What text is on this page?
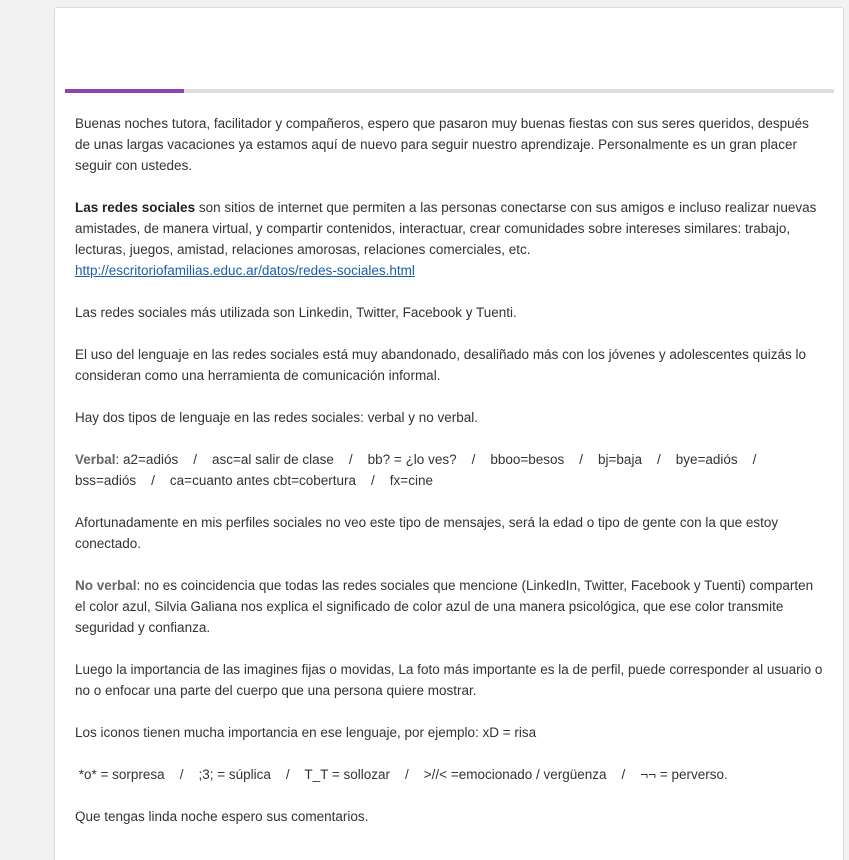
Buenas noches tutora, facilitador y compañeros, espero que pasaron muy buenas fiestas con sus seres queridos, después de unas largas vacaciones ya estamos aquí de nuevo para seguir nuestro aprendizaje. Personalmente es un gran placer seguir con ustedes.

Las redes sociales son sitios de internet que permiten a las personas conectarse con sus amigos e incluso realizar nuevas amistades, de manera virtual, y compartir contenidos, interactuar, crear comunidades sobre intereses similares: trabajo, lecturas, juegos, amistad, relaciones amorosas, relaciones comerciales, etc.
http://escritoriofamilias.educ.ar/datos/redes-sociales.html

Las redes sociales más utilizada son Linkedin, Twitter, Facebook y Tuenti.

El uso del lenguaje en las redes sociales está muy abandonado, desaliñado más con los jóvenes y adolescentes quizás lo consideran como una herramienta de comunicación informal.

Hay dos tipos de lenguaje en las redes sociales: verbal y no verbal.

Verbal: a2=adiós    /    asc=al salir de clase    /    bb? = ¿lo ves?    /    bboo=besos    /    bj=baja    /    bye=adiós    /    bss=adiós    /    ca=cuanto antes cbt=cobertura    /    fx=cine

Afortunadamente en mis perfiles sociales no veo este tipo de mensajes, será la edad o tipo de gente con la que estoy conectado.

No verbal: no es coincidencia que todas las redes sociales que mencione (LinkedIn, Twitter, Facebook y Tuenti) comparten el color azul, Silvia Galiana nos explica el significado de color azul de una manera psicológica, que ese color transmite seguridad y confianza.

Luego la importancia de las imagines fijas o movidas, La foto más importante es la de perfil, puede corresponder al usuario o no o enfocar una parte del cuerpo que una persona quiere mostrar.

Los iconos tienen mucha importancia en ese lenguaje, por ejemplo: xD = risa

*o* = sorpresa    /    ;3; = súplica    /    T_T = sollozar    /    >//< =emocionado / vergüenza    /    ¬¬ = perverso.

Que tengas linda noche espero sus comentarios.
